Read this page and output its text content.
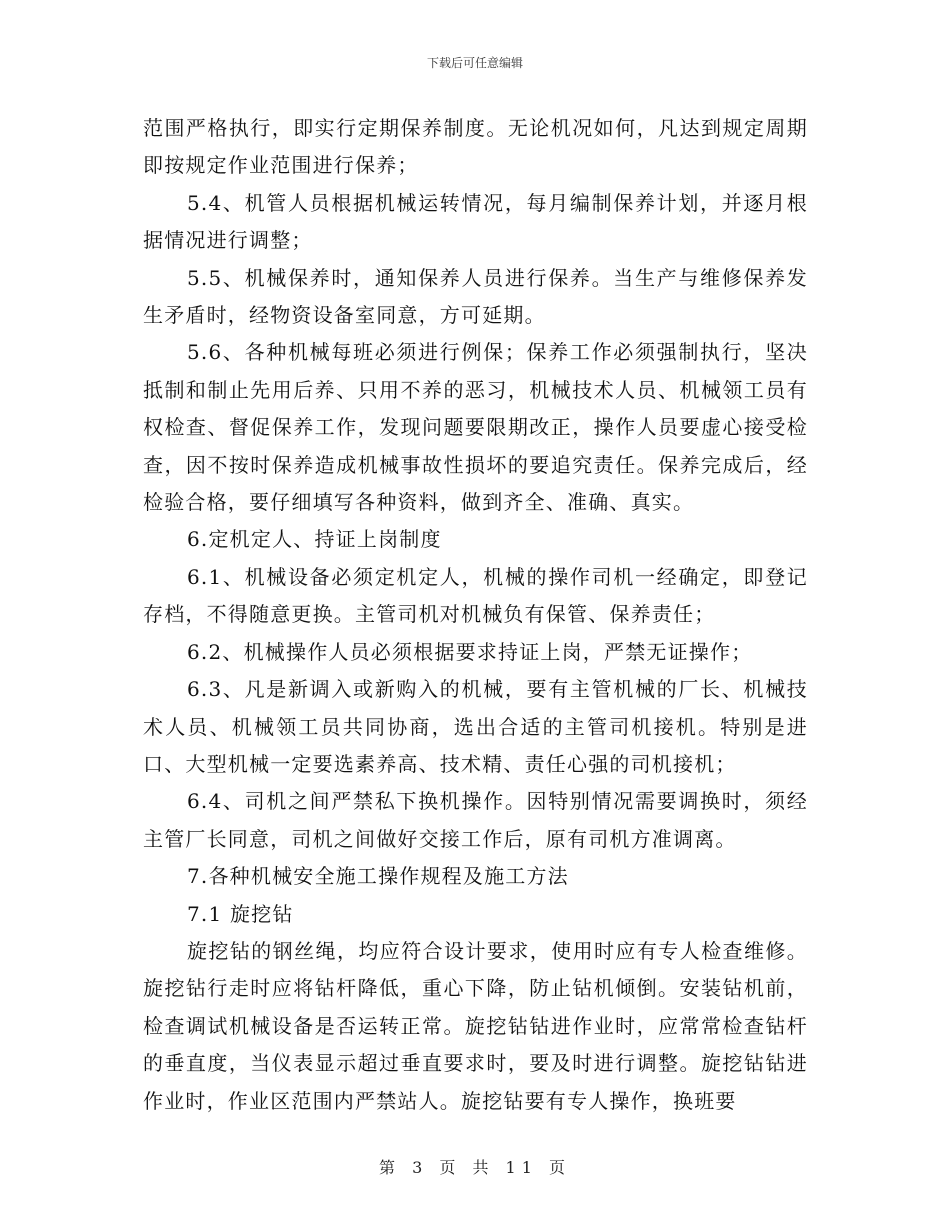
下载后可任意编辑

范围严格执行，即实行定期保养制度。无论机况如何，凡达到规定周期即按规定作业范围进行保养；

5.4、机管人员根据机械运转情况，每月编制保养计划，并逐月根据情况进行调整；

5.5、机械保养时，通知保养人员进行保养。当生产与维修保养发生矛盾时，经物资设备室同意，方可延期。

5.6、各种机械每班必须进行例保；保养工作必须强制执行，坚决抵制和制止先用后养、只用不养的恶习，机械技术人员、机械领工员有权检查、督促保养工作，发现问题要限期改正，操作人员要虚心接受检查，因不按时保养造成机械事故性损坏的要追究责任。保养完成后，经检验合格，要仔细填写各种资料，做到齐全、准确、真实。

6.定机定人、持证上岗制度

6.1、机械设备必须定机定人，机械的操作司机一经确定，即登记存档，不得随意更换。主管司机对机械负有保管、保养责任；

6.2、机械操作人员必须根据要求持证上岗，严禁无证操作；

6.3、凡是新调入或新购入的机械，要有主管机械的厂长、机械技术人员、机械领工员共同协商，选出合适的主管司机接机。特别是进口、大型机械一定要选素养高、技术精、责任心强的司机接机；

6.4、司机之间严禁私下换机操作。因特别情况需要调换时，须经主管厂长同意，司机之间做好交接工作后，原有司机方准调离。

7.各种机械安全施工操作规程及施工方法

7.1 旋挖钻

旋挖钻的钢丝绳，均应符合设计要求，使用时应有专人检查维修。旋挖钻行走时应将钻杆降低，重心下降，防止钻机倾倒。安装钻机前，检查调试机械设备是否运转正常。旋挖钻钻进作业时，应常常检查钻杆的垂直度，当仪表显示超过垂直要求时，要及时进行调整。旋挖钻钻进作业时，作业区范围内严禁站人。旋挖钻要有专人操作，换班要

第 3 页 共 11 页
